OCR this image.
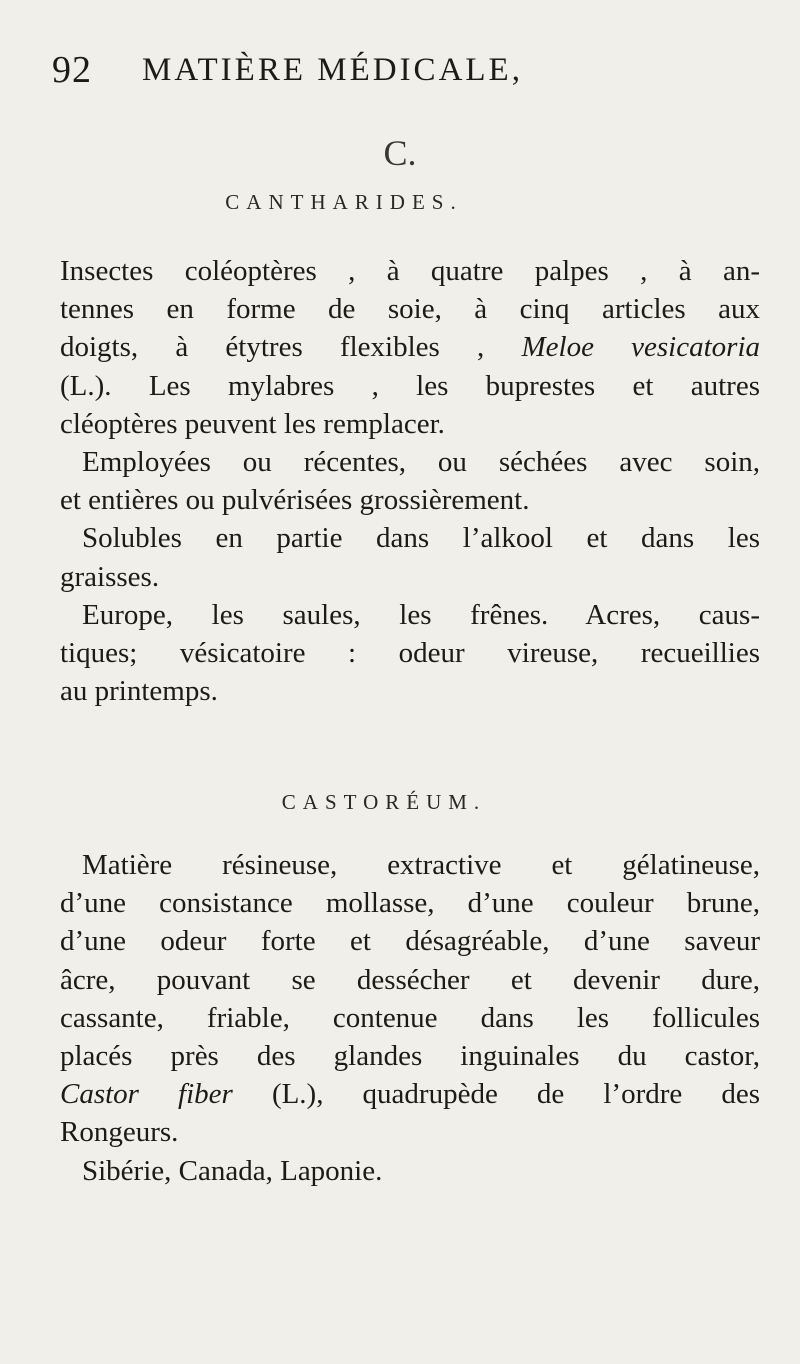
92 MATIÈRE MÉDICALE,
C.
CANTHARIDES.
Insectes coléoptères , à quatre palpes , à an-
tennes en forme de soie, à cinq articles aux
doigts, à étytres flexibles , Meloe vesicatoria
(L.). Les mylabres , les buprestes et autres
cléoptères peuvent les remplacer.
Employées ou récentes, ou séchées avec soin,
et entières ou pulvérisées grossièrement.
Solubles en partie dans l’alkool et dans les
graisses.
Europe, les saules, les frênes. Acres, caus-
tiques; vésicatoire : odeur vireuse, recueillies
au printemps.
CASTORÉUM.
Matière résineuse, extractive et gélatineuse,
d’une consistance mollasse, d’une couleur brune,
d’une odeur forte et désagréable, d’une saveur
âcre, pouvant se dessécher et devenir dure,
cassante, friable, contenue dans les follicules
placés près des glandes inguinales du castor,
Castor fiber (L.), quadrupède de l’ordre des
Rongeurs.
Sibérie, Canada, Laponie.
